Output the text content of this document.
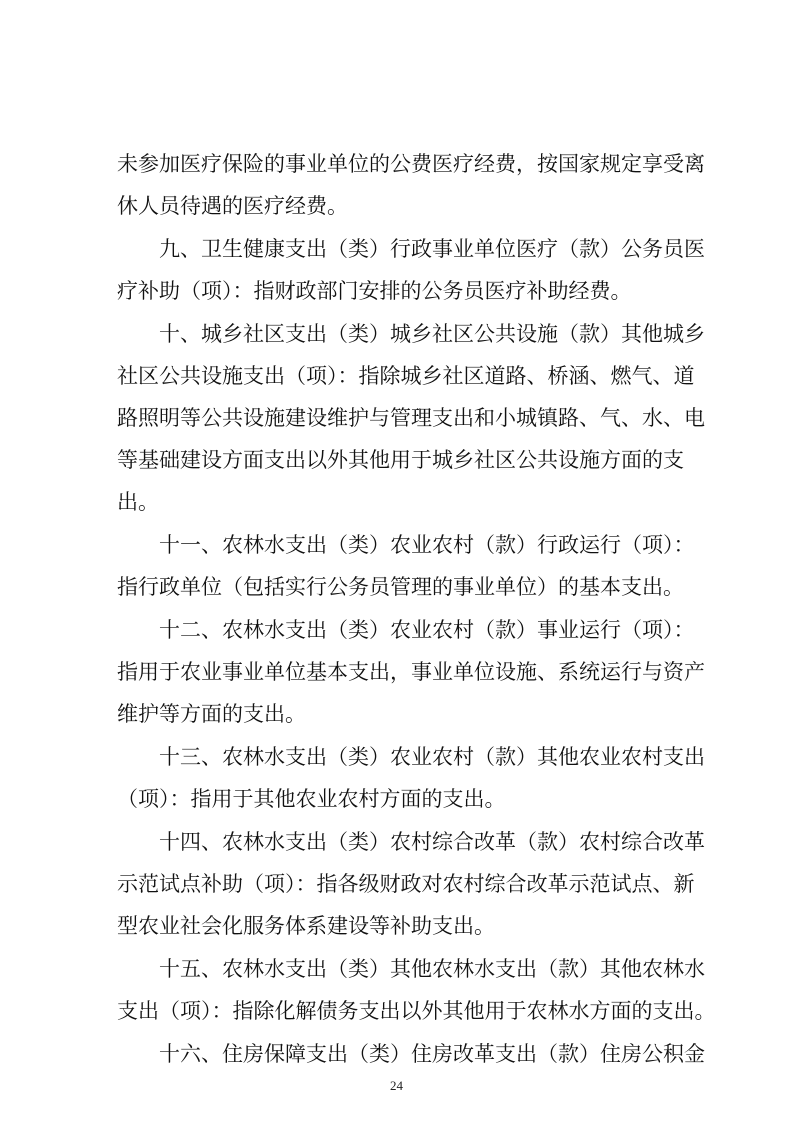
未参加医疗保险的事业单位的公费医疗经费，按国家规定享受离
休人员待遇的医疗经费。
九、卫生健康支出（类）行政事业单位医疗（款）公务员医
疗补助（项）：指财政部门安排的公务员医疗补助经费。
十、城乡社区支出（类）城乡社区公共设施（款）其他城乡
社区公共设施支出（项）：指除城乡社区道路、桥涵、燃气、道
路照明等公共设施建设维护与管理支出和小城镇路、气、水、电
等基础建设方面支出以外其他用于城乡社区公共设施方面的支
出。
十一、农林水支出（类）农业农村（款）行政运行（项）：
指行政单位（包括实行公务员管理的事业单位）的基本支出。
十二、农林水支出（类）农业农村（款）事业运行（项）：
指用于农业事业单位基本支出，事业单位设施、系统运行与资产
维护等方面的支出。
十三、农林水支出（类）农业农村（款）其他农业农村支出
（项）：指用于其他农业农村方面的支出。
十四、农林水支出（类）农村综合改革（款）农村综合改革
示范试点补助（项）：指各级财政对农村综合改革示范试点、新
型农业社会化服务体系建设等补助支出。
十五、农林水支出（类）其他农林水支出（款）其他农林水
支出（项）：指除化解债务支出以外其他用于农林水方面的支出。
十六、住房保障支出（类）住房改革支出（款）住房公积金
24
